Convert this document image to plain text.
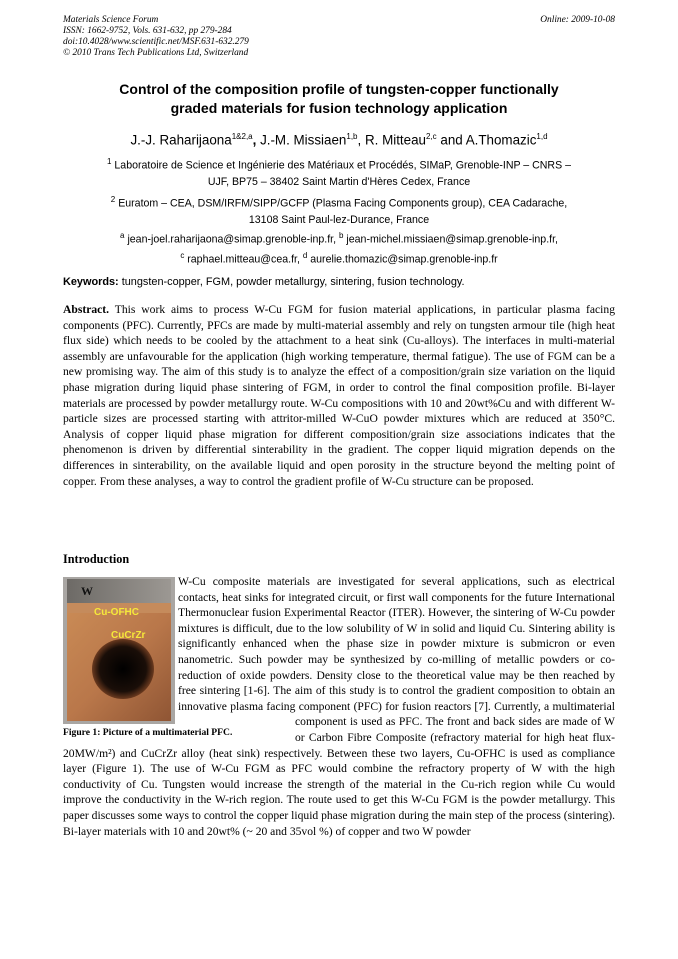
Materials Science Forum
ISSN: 1662-9752, Vols. 631-632, pp 279-284
doi:10.4028/www.scientific.net/MSF.631-632.279
© 2010 Trans Tech Publications Ltd, Switzerland
Online: 2009-10-08
Control of the composition profile of tungsten-copper functionally
graded materials for fusion technology application
J.-J. Raharijaona$^{1\&2,a}$, J.-M. Missiaen$^{1,b}$, R. Mitteau$^{2,c}$ and A.Thomazic$^{1,d}$
$^1$ Laboratoire de Science et Ingénierie des Matériaux et Procédés, SIMaP, Grenoble-INP – CNRS –
UJF, BP75 – 38402 Saint Martin d'Hères Cedex, France
$^2$ Euratom – CEA, DSM/IRFM/SIPP/GCFP (Plasma Facing Components group), CEA Cadarache,
13108 Saint Paul-lez-Durance, France
$^a$ jean-joel.raharijaona@simap.grenoble-inp.fr, $^b$ jean-michel.missiaen@simap.grenoble-inp.fr,
$^c$ raphael.mitteau@cea.fr, $^d$ aurelie.thomazic@simap.grenoble-inp.fr
Keywords: tungsten-copper, FGM, powder metallurgy, sintering, fusion technology.

Abstract. This work aims to process W-Cu FGM for fusion material applications, in particular plasma facing components (PFC). Currently, PFCs are made by multi-material assembly and rely on tungsten armour tile (high heat flux side) which needs to be cooled by the attachment to a heat sink (Cu-alloys). The interfaces in multi-material assembly are unfavourable for the application (high working temperature, thermal fatigue). The use of FGM can be a new promising way. The aim of this study is to analyze the effect of a composition/grain size variation on the liquid phase migration during liquid phase sintering of FGM, in order to control the final composition profile. Bi-layer materials are processed by powder metallurgy route. W-Cu compositions with 10 and 20wt%Cu and with different W-particle sizes are processed starting with attritor-milled W-CuO powder mixtures which are reduced at 350°C. Analysis of copper liquid phase migration for different composition/grain size associations indicates that the phenomenon is driven by differential sinterability in the gradient. The copper liquid migration depends on the differences in sinterability, on the available liquid and open porosity in the structure beyond the melting point of copper. From these analyses, a way to control the gradient profile of W-Cu structure can be proposed.

Introduction

W-Cu composite materials are investigated for several applications, such as electrical contacts, heat sinks for integrated circuit, or first wall components for the future International Thermonuclear fusion Experimental Reactor (ITER). However, the sintering of W-Cu powder mixtures is difficult, due to the low solubility of W in solid and liquid Cu. Sintering ability is significantly enhanced when the phase size in powder mixture is submicron or even nanometric. Such powder may be synthesized by co-milling of metallic powders or co-reduction of oxide powders. Density close to the theoretical value may be then reached by free sintering [1-6]. The aim of this study is to control the gradient composition to obtain an innovative plasma facing component (PFC) for fusion reactors [7]. Currently, a multimaterial component is used as PFC. The front and back sides are made of W or Carbon Fibre Composite (refractory material for high heat flux-20MW/m²) and CuCrZr alloy (heat sink) respectively. Between these two layers, Cu-OFHC is used as compliance layer (Figure 1). The use of W-Cu FGM as PFC would combine the refractory property of W with the high conductivity of Cu. Tungsten would increase the strength of the material in the Cu-rich region while Cu would improve the conductivity in the W-rich region. The route used to get this W-Cu FGM is the powder metallurgy. This paper discusses some ways to control the copper liquid phase migration during the main step of the process (sintering). Bi-layer materials with 10 and 20wt% (~ 20 and 35vol %) of copper and two W powder

W
Cu-OFHC
CuCrZr
Figure 1: Picture of a multimaterial PFC.
